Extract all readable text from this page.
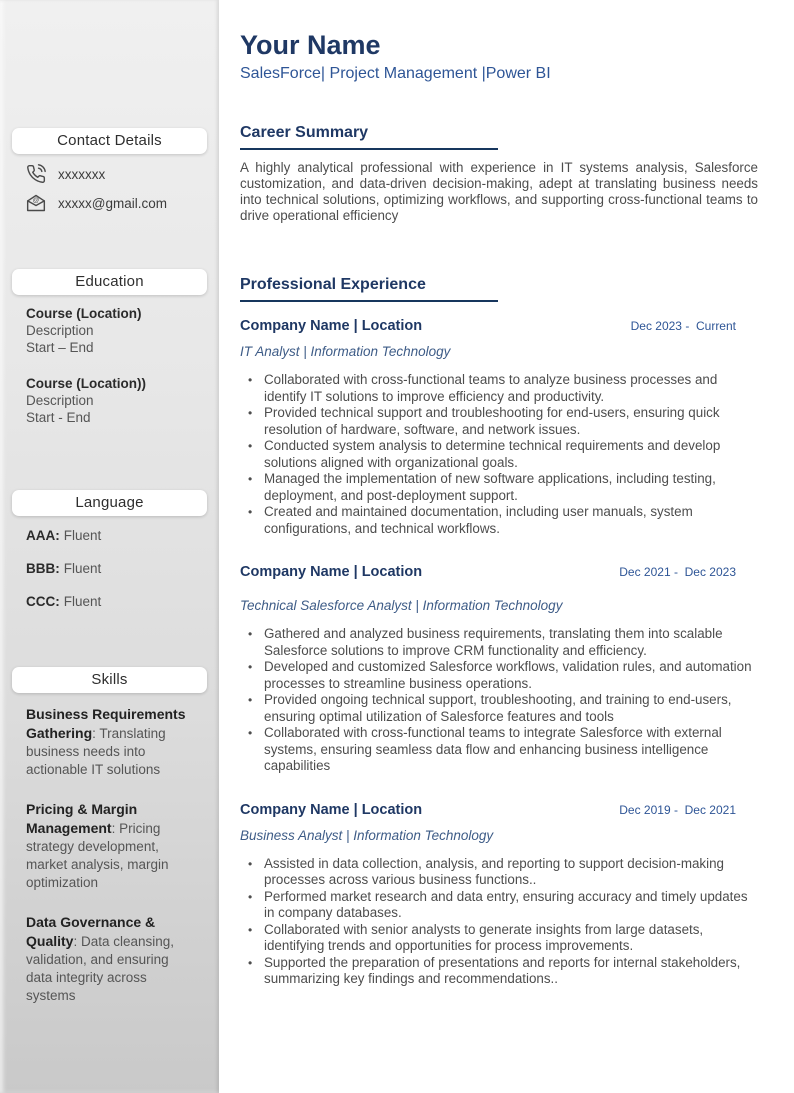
Contact Details
xxxxxxx
@ xxxxx@gmail.com
Education
Course (Location)
Description
Start – End
Course (Location))
Description
Start - End
Language
AAA: Fluent
BBB: Fluent
CCC: Fluent
Skills
Business Requirements Gathering: Translating business needs into actionable IT solutions
Pricing & Margin Management: Pricing strategy development, market analysis, margin optimization
Data Governance & Quality: Data cleansing, validation, and ensuring data integrity across systems
Your Name
SalesForce| Project Management |Power BI
Career Summary
A highly analytical professional with experience in IT systems analysis, Salesforce customization, and data-driven decision-making, adept at translating business needs into technical solutions, optimizing workflows, and supporting cross-functional teams to drive operational efficiency
Professional Experience
Company Name | Location	Dec 2023 -  Current
IT Analyst | Information Technology
• Collaborated with cross-functional teams to analyze business processes and identify IT solutions to improve efficiency and productivity.
• Provided technical support and troubleshooting for end-users, ensuring quick resolution of hardware, software, and network issues.
• Conducted system analysis to determine technical requirements and develop solutions aligned with organizational goals.
• Managed the implementation of new software applications, including testing, deployment, and post-deployment support.
• Created and maintained documentation, including user manuals, system configurations, and technical workflows.
Company Name | Location	Dec 2021 -  Dec 2023
Technical Salesforce Analyst | Information Technology
• Gathered and analyzed business requirements, translating them into scalable Salesforce solutions to improve CRM functionality and efficiency.
• Developed and customized Salesforce workflows, validation rules, and automation processes to streamline business operations.
• Provided ongoing technical support, troubleshooting, and training to end-users, ensuring optimal utilization of Salesforce features and tools
• Collaborated with cross-functional teams to integrate Salesforce with external systems, ensuring seamless data flow and enhancing business intelligence capabilities
Company Name | Location	Dec 2019 -  Dec 2021
Business Analyst | Information Technology
• Assisted in data collection, analysis, and reporting to support decision-making processes across various business functions..
• Performed market research and data entry, ensuring accuracy and timely updates in company databases.
• Collaborated with senior analysts to generate insights from large datasets, identifying trends and opportunities for process improvements.
• Supported the preparation of presentations and reports for internal stakeholders, summarizing key findings and recommendations..
